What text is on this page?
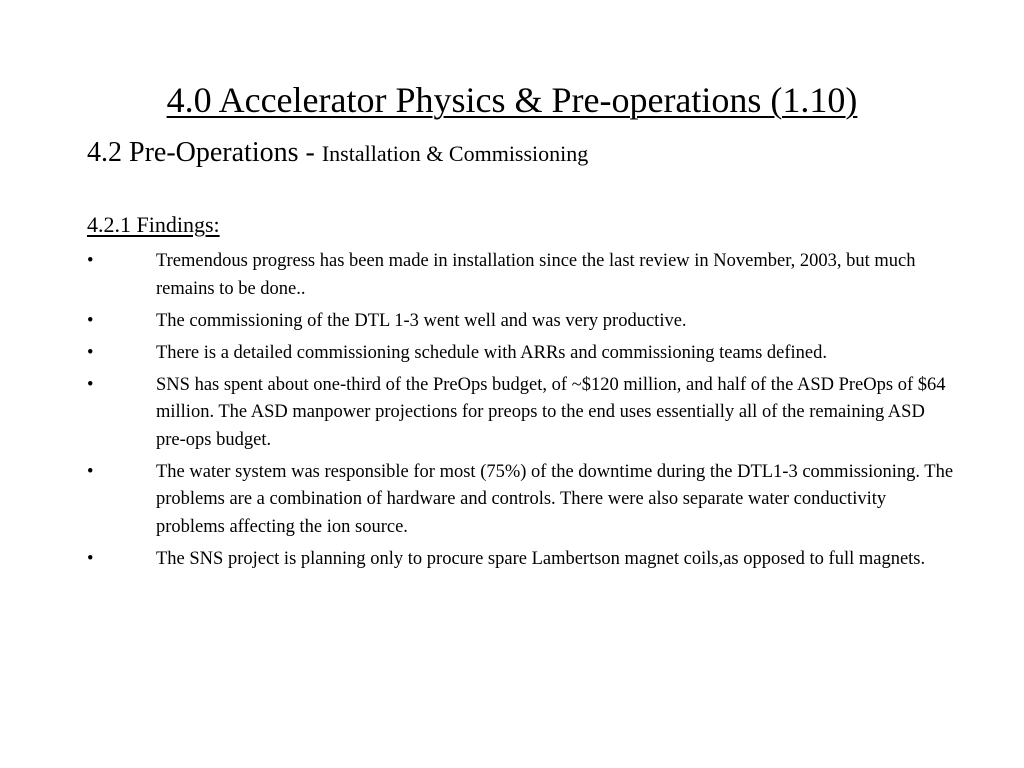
4.0 Accelerator Physics & Pre-operations (1.10)
4.2 Pre-Operations - Installation & Commissioning
4.2.1 Findings:
•	Tremendous progress has been made in installation since the last review in November, 2003, but much remains to be done..
•	The commissioning of the DTL 1-3 went well and was very productive.
•	There is a detailed commissioning schedule with ARRs and commissioning teams defined.
•	SNS has spent about one-third of the PreOps budget, of ~$120 million, and half of the ASD PreOps of $64 million. The ASD manpower projections for preops to the end uses essentially all of the remaining ASD pre-ops budget.
•	The water system was responsible for most (75%) of the downtime during the DTL1-3 commissioning. The problems are a combination of hardware and controls. There were also separate water conductivity problems affecting the ion source.
•	The SNS project is planning only to procure spare Lambertson magnet coils,as opposed to full magnets.
